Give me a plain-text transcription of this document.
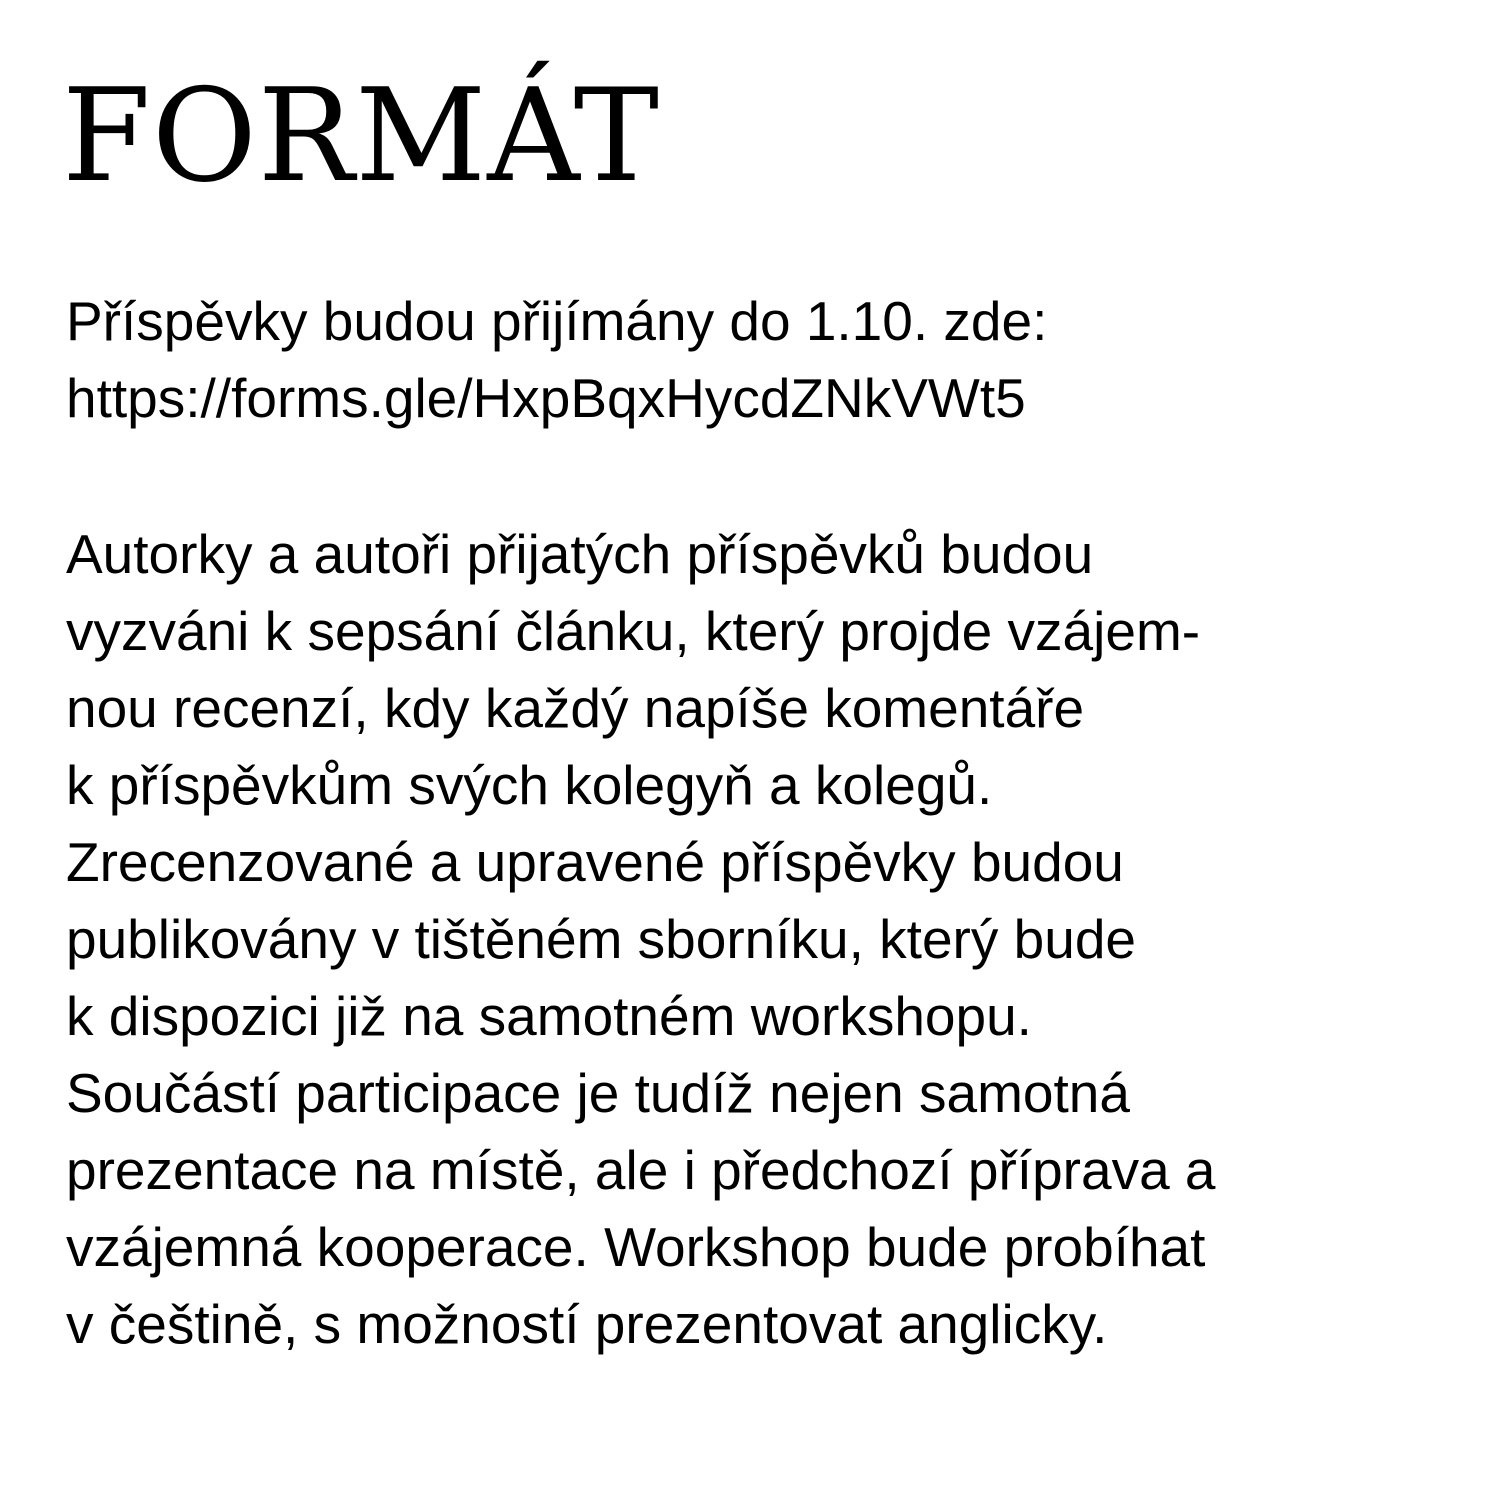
FORMÁT
Příspěvky budou přijímány do 1.10. zde:
https://forms.gle/HxpBqxHycdZNkVWt5
Autorky a autoři přijatých příspěvků budou
vyzváni k sepsání článku, který projde vzájem-
nou recenzí, kdy každý napíše komentáře
k příspěvkům svých kolegyň a kolegů.
Zrecenzované a upravené příspěvky budou
publikovány v tištěném sborníku, který bude
k dispozici již na samotném workshopu.
Součástí participace je tudíž nejen samotná
prezentace na místě, ale i předchozí příprava a
vzájemná kooperace. Workshop bude probíhat
v češtině, s možností prezentovat anglicky.
